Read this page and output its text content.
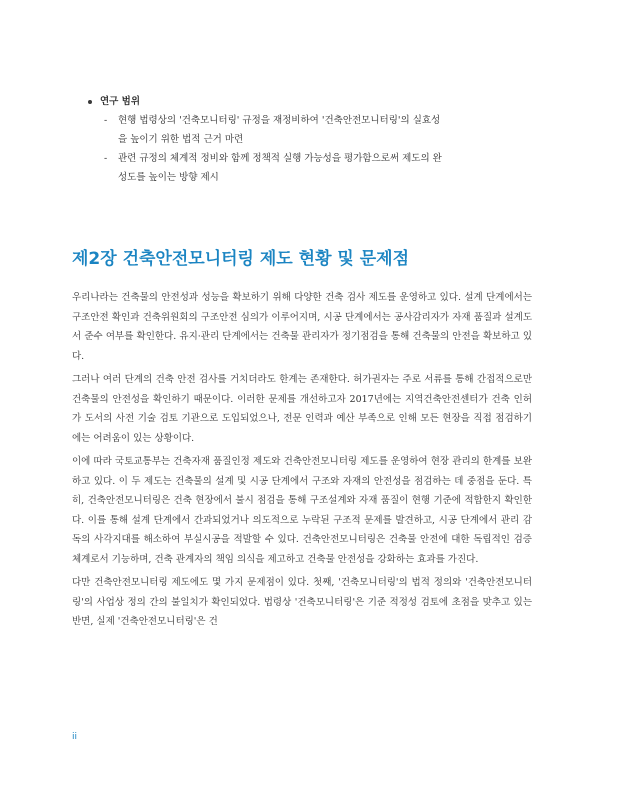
연구 범위
- 현행 법령상의 '건축모니터링' 규정을 재정비하여 '건축안전모니터링'의 실효성을 높이기 위한 법적 근거 마련
- 관련 규정의 체계적 정비와 함께 정책적 실행 가능성을 평가함으로써 제도의 완성도를 높이는 방향 제시
제2장 건축안전모니터링 제도 현황 및 문제점

우리나라는 건축물의 안전성과 성능을 확보하기 위해 다양한 건축 검사 제도를 운영하고 있다. 설계 단계에서는 구조안전 확인과 건축위원회의 구조안전 심의가 이루어지며, 시공 단계에서는 공사감리자가 자재 품질과 설계도서 준수 여부를 확인한다. 유지·관리 단계에서는 건축물 관리자가 정기점검을 통해 건축물의 안전을 확보하고 있다.

그러나 여러 단계의 건축 안전 검사를 거치더라도 한계는 존재한다. 허가권자는 주로 서류를 통해 간접적으로만 건축물의 안전성을 확인하기 때문이다. 이러한 문제를 개선하고자 2017년에는 지역건축안전센터가 건축 인허가 도서의 사전 기술 검토 기관으로 도입되었으나, 전문 인력과 예산 부족으로 인해 모든 현장을 직접 점검하기에는 어려움이 있는 상황이다.

이에 따라 국토교통부는 건축자재 품질인정 제도와 건축안전모니터링 제도를 운영하여 현장 관리의 한계를 보완하고 있다. 이 두 제도는 건축물의 설계 및 시공 단계에서 구조와 자재의 안전성을 점검하는 데 중점을 둔다. 특히, 건축안전모니터링은 건축 현장에서 불시 점검을 통해 구조설계와 자재 품질이 현행 기준에 적합한지 확인한다. 이를 통해 설계 단계에서 간과되었거나 의도적으로 누락된 구조적 문제를 발견하고, 시공 단계에서 관리 감독의 사각지대를 해소하여 부실시공을 적발할 수 있다. 건축안전모니터링은 건축물 안전에 대한 독립적인 검증 체계로서 기능하며, 건축 관계자의 책임 의식을 제고하고 건축물 안전성을 강화하는 효과를 가진다.

다만 건축안전모니터링 제도에도 몇 가지 문제점이 있다. 첫째, '건축모니터링'의 법적 정의와 '건축안전모니터링'의 사업상 정의 간의 불일치가 확인되었다. 법령상 '건축모니터링'은 기준 적정성 검토에 초점을 맞추고 있는 반면, 실제 '건축안전모니터링'은 건

ii
